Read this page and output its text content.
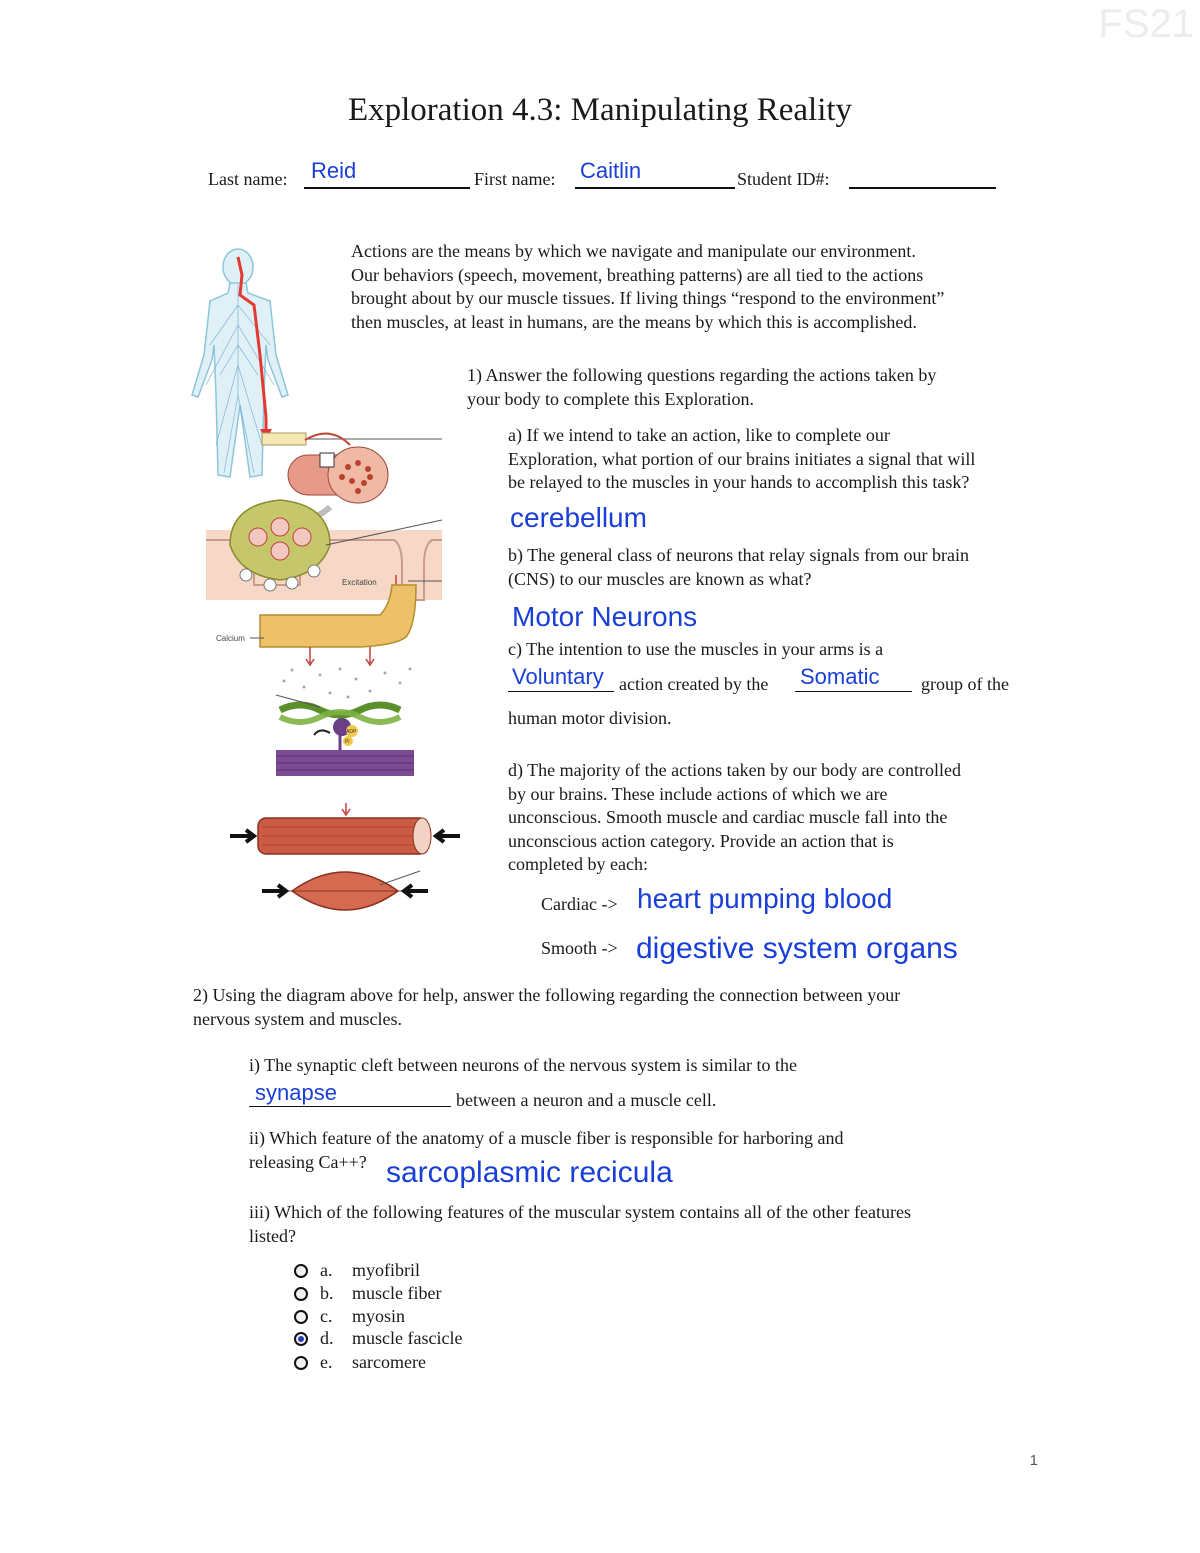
FS21
Exploration 4.3: Manipulating Reality
Last name: Reid	First name: Caitlin	Student ID#:
Excitation
Calcium
ADP
Pi
Actions are the means by which we navigate and manipulate our environment.
Our behaviors (speech, movement, breathing patterns) are all tied to the actions
brought about by our muscle tissues. If living things “respond to the environment”
then muscles, at least in humans, are the means by which this is accomplished.
1) Answer the following questions regarding the actions taken by
your body to complete this Exploration.
a) If we intend to take an action, like to complete our
Exploration, what portion of our brains initiates a signal that will
be relayed to the muscles in your hands to accomplish this task?
cerebellum
b) The general class of neurons that relay signals from our brain
(CNS) to our muscles are known as what?
Motor Neurons
c) The intention to use the muscles in your arms is a
Voluntary action created by the Somatic group of the
human motor division.
d) The majority of the actions taken by our body are controlled
by our brains. These include actions of which we are
unconscious. Smooth muscle and cardiac muscle fall into the
unconscious action category. Provide an action that is
completed by each:
Cardiac -> heart pumping blood
Smooth -> digestive system organs
2) Using the diagram above for help, answer the following regarding the connection between your
nervous system and muscles.
i) The synaptic cleft between neurons of the nervous system is similar to the
synapse	between a neuron and a muscle cell.
ii) Which feature of the anatomy of a muscle fiber is responsible for harboring and
releasing Ca++? sarcoplasmic recicula
iii) Which of the following features of the muscular system contains all of the other features
listed?
a. myofibril
b. muscle fiber
c. myosin
d. muscle fascicle
e. sarcomere
1
